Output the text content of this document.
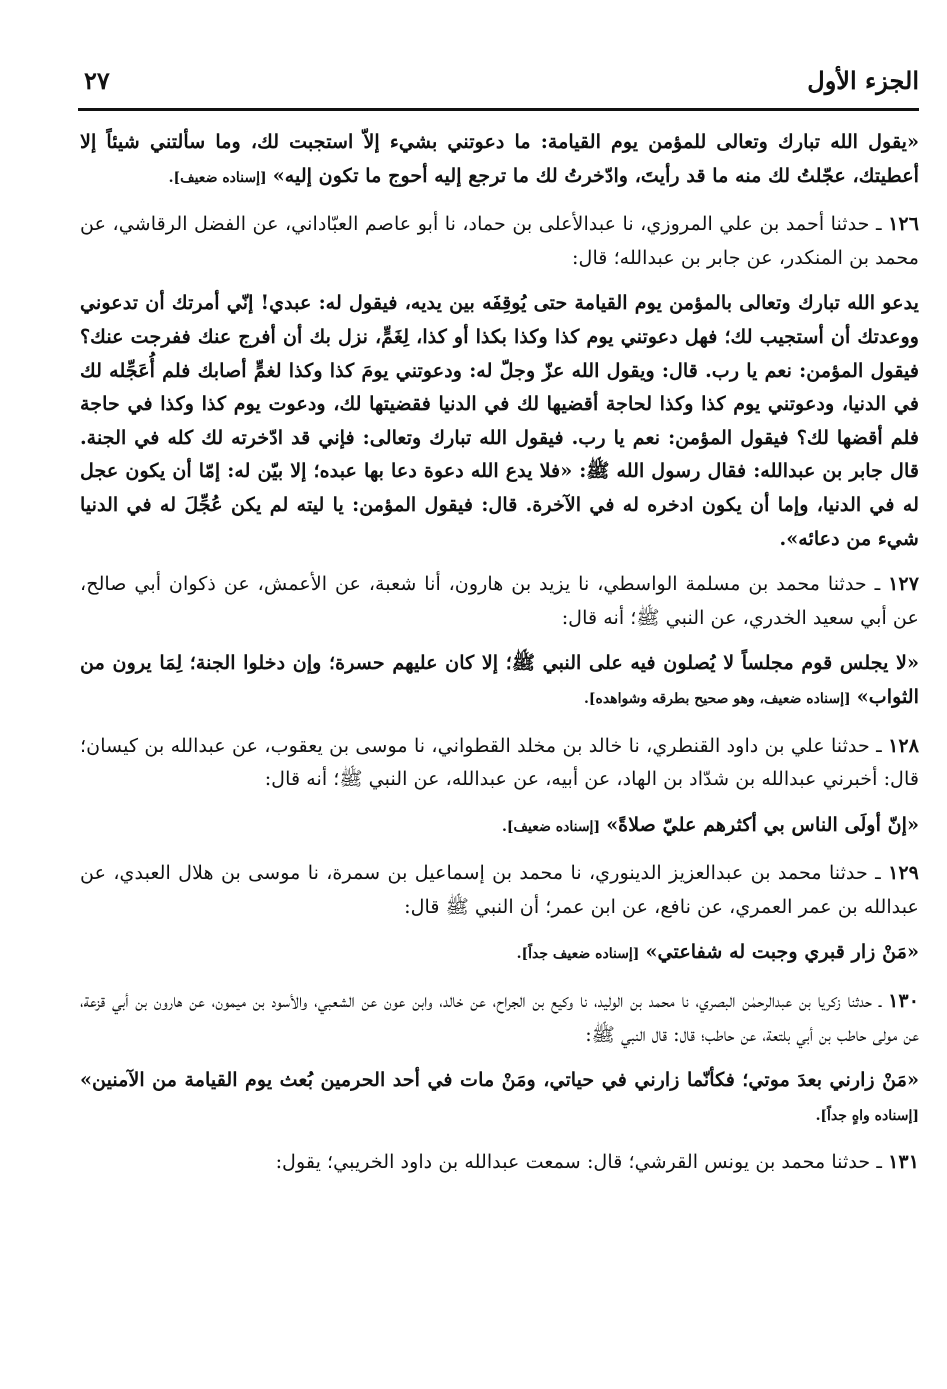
الجزء الأول
٢٧

«يقول الله تبارك وتعالى للمؤمن يوم القيامة: ما دعوتني بشيء إلاّ استجبت لك، وما سألتني شيئاً إلا أعطيتك، عجّلتُ لك منه ما قد رأيتَ، وادّخرتُ لك ما ترجع إليه أحوج ما تكون إليه» [إسناده ضعيف].

١٢٦ ـ حدثنا أحمد بن علي المروزي، نا عبدالأعلى بن حماد، نا أبو عاصم العبّاداني، عن الفضل الرقاشي، عن محمد بن المنكدر، عن جابر بن عبدالله؛ قال:

يدعو الله تبارك وتعالى بالمؤمن يوم القيامة حتى يُوقِفَه بين يديه، فيقول له: عبدي! إنّي أمرتك أن تدعوني ووعدتك أن أستجيب لك؛ فهل دعوتني يوم كذا وكذا بكذا أو كذا، لِغَمٍّ، نزل بك أن أفرج عنك ففرجت عنك؟ فيقول المؤمن: نعم يا رب. قال: ويقول الله عزّ وجلّ له: ودعوتني يومَ كذا وكذا لغمٍّ أصابك فلم أُعَجِّله لك في الدنيا، ودعوتني يوم كذا وكذا لحاجة أقضيها لك في الدنيا فقضيتها لك، ودعوت يوم كذا وكذا في حاجة فلم أقضها لك؟ فيقول المؤمن: نعم يا رب. فيقول الله تبارك وتعالى: فإني قد ادّخرته لك كله في الجنة. قال جابر بن عبدالله: فقال رسول الله ﷺ: «فلا يدع الله دعوة دعا بها عبده؛ إلا بيّن له: إمّا أن يكون عجل له في الدنيا، وإما أن يكون ادخره له في الآخرة. قال: فيقول المؤمن: يا ليته لم يكن عُجِّلَ له في الدنيا شيء من دعائه».

١٢٧ ـ حدثنا محمد بن مسلمة الواسطي، نا يزيد بن هارون، أنا شعبة، عن الأعمش، عن ذكوان أبي صالح، عن أبي سعيد الخدري، عن النبي ﷺ؛ أنه قال:

«لا يجلس قوم مجلساً لا يُصلون فيه على النبي ﷺ؛ إلا كان عليهم حسرة؛ وإن دخلوا الجنة؛ لِمَا يرون من الثواب» [إسناده ضعيف، وهو صحيح بطرقه وشواهده].

١٢٨ ـ حدثنا علي بن داود القنطري، نا خالد بن مخلد القطواني، نا موسى بن يعقوب، عن عبدالله بن كيسان؛ قال: أخبرني عبدالله بن شدّاد بن الهاد، عن أبيه، عن عبدالله، عن النبي ﷺ؛ أنه قال:

«إنّ أولَى الناس بي أكثرهم عليّ صلاةً» [إسناده ضعيف].

١٢٩ ـ حدثنا محمد بن عبدالعزيز الدينوري، نا محمد بن إسماعيل بن سمرة، نا موسى بن هلال العبدي، عن عبدالله بن عمر العمري، عن نافع، عن ابن عمر؛ أن النبي ﷺ قال:

«مَنْ زار قبري وجبت له شفاعتي» [إسناده ضعيف جداً].

١٣٠ ـ حدثنا زكريا بن عبدالرحمٰن البصري، نا محمد بن الوليد، نا وكيع بن الجراح، عن خالد، وابن عون عن الشعبي، والأسود بن ميمون، عن هارون بن أبي قزعة، عن مولى حاطب بن أبي بلتعة، عن حاطب؛ قال: قال النبي ﷺ:

«مَنْ زارني بعدَ موتي؛ فكأنّما زارني في حياتي، ومَنْ مات في أحد الحرمين بُعث يوم القيامة من الآمنين» [إسناده واهٍ جداً].

١٣١ ـ حدثنا محمد بن يونس القرشي؛ قال: سمعت عبدالله بن داود الخريبي؛ يقول:
